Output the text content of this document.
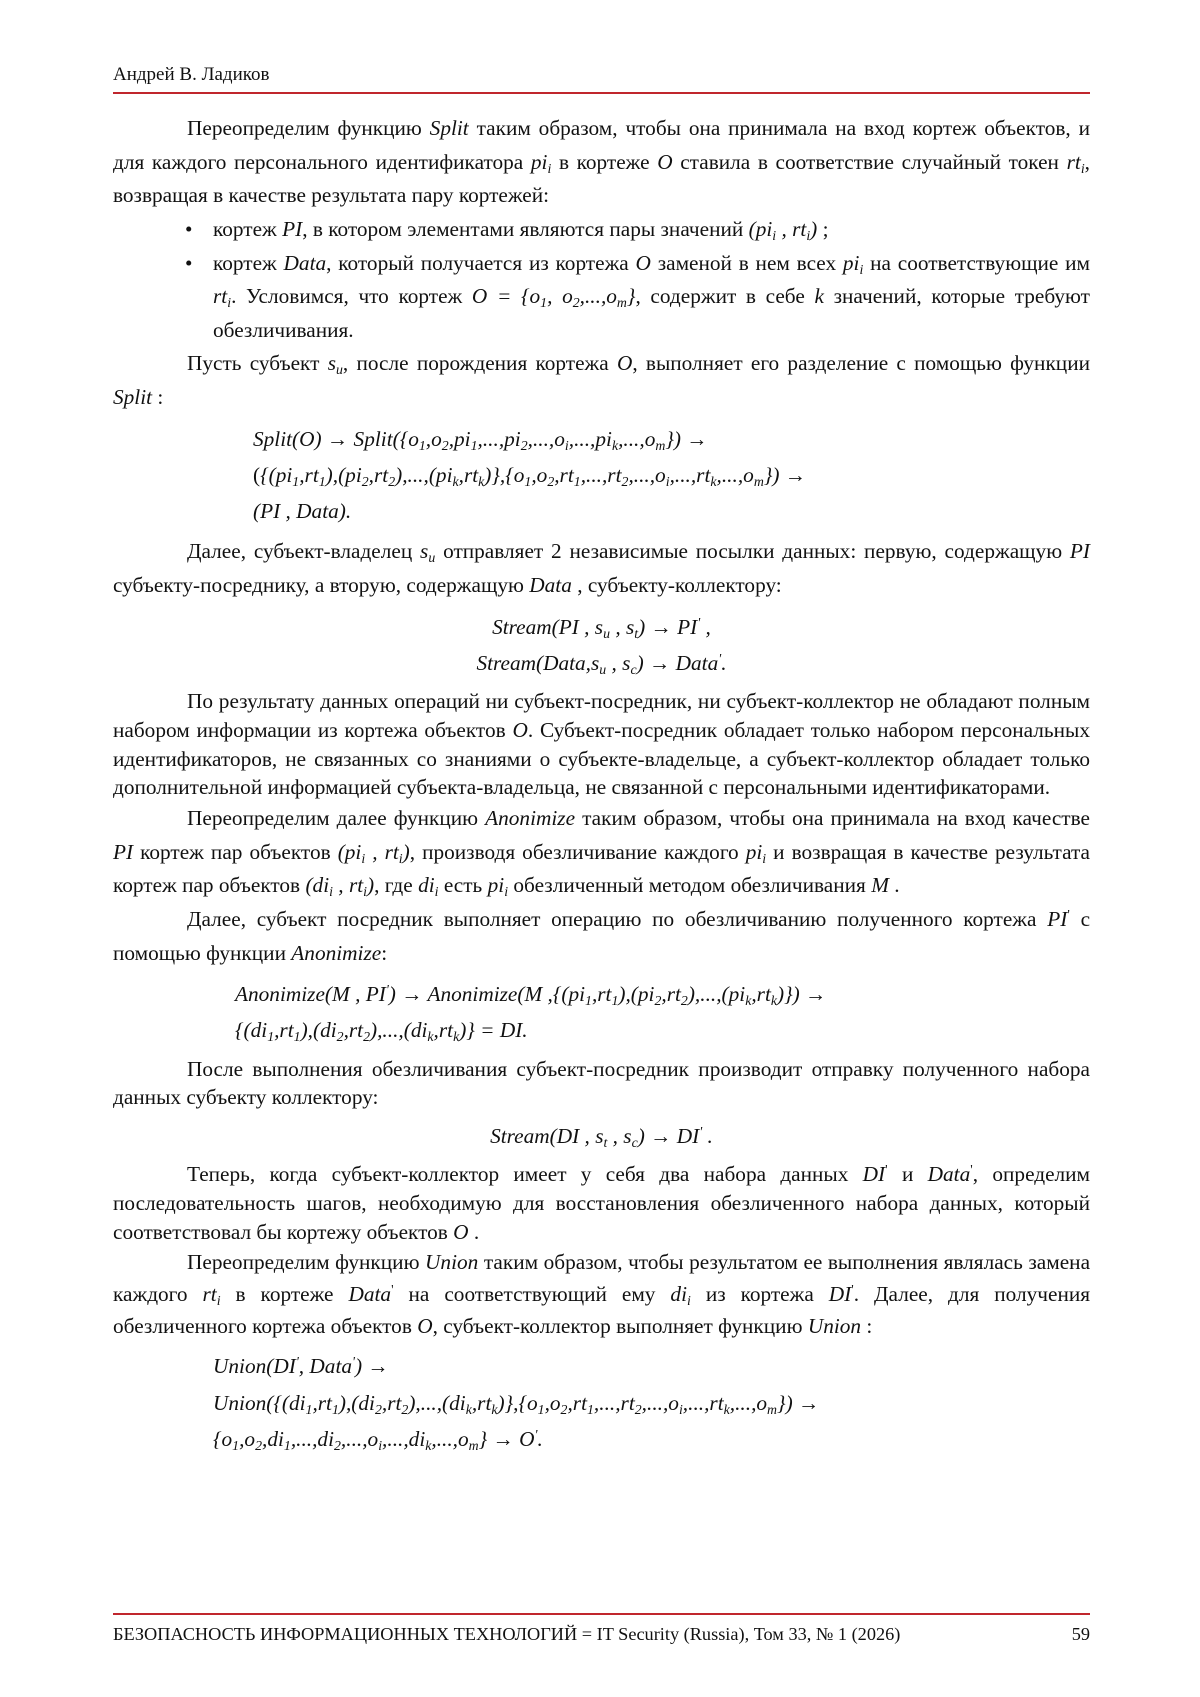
Андрей В. Ладиков

Переопределим функцию Split таким образом, чтобы она принимала на вход кортеж объектов, и для каждого персонального идентификатора $pi_i$ в кортеже O ставила в соответствие случайный токен $rt_i$, возвращая в качестве результата пару кортежей:

• кортеж PI, в котором элементами являются пары значений ($pi_i$ , $rt_i$) ;
• кортеж Data, который получается из кортежа O заменой в нем всех $pi_i$ на соответствующие им $rt_i$. Условимся, что кортеж $O = \{o_1$, $o_2,...,o_m$}, содержит в себе k значений, которые требуют обезличивания.

Пусть субъект $s_u$, после порождения кортежа O, выполняет его разделение с помощью функции Split :

Split(O) → $Split(\{o_1,o_2,pi_1,...,pi_2,...,o_i,...,pi_k,...,o_m\})$ →
$(\{(pi_1,rt_1),(pi_2,rt_2),...,(pi_k,rt_k)\},\{o_1,o_2,rt_1,...,rt_2,...,o_i,...,rt_k,...,o_m\})$ →
(PI , Data).

Далее, субъект-владелец $s_u$ отправляет 2 независимые посылки данных: первую, содержащую PI субъекту-посреднику, а вторую, содержащую Data , субъекту-коллектору:

Stream(PI , $s_u$ , $s_t) \to PI'$ ,
$Stream(Data,s_u$ , $s_c$) → Data'.

По результату данных операций ни субъект-посредник, ни субъект-коллектор не обладают полным набором информации из кортежа объектов O. Субъект-посредник обладает только набором персональных идентификаторов, не связанных со знаниями о субъекте-владельце, а субъект-коллектор обладает только дополнительной информацией субъекта-владельца, не связанной с персональными идентификаторами.

Переопределим далее функцию Anonimize таким образом, чтобы она принимала на вход качестве PI кортеж пар объектов ($pi_i$ , $rt_i$), производя обезличивание каждого $pi_i$ и возвращая в качестве результата кортеж пар объектов ($di_i$ , $rt_i$), где $di_i$ есть $pi_i$ обезличенный методом обезличивания M .

Далее, субъект посредник выполняет операцию по обезличиванию полученного кортежа PI' с помощью функции Anonimize:

Anonimize(M , PI') → Anonimize(M $,\{(pi_1,rt_1),(pi_2,rt_2),...,(pi_k,rt_k)\}$) →
$\{(di_1,rt_1),(di_2,rt_2),...,(di_k,rt_k)\}$ = DI.

После выполнения обезличивания субъект-посредник производит отправку полученного набора данных субъекту коллектору:

Stream(DI , $s_t$ , $s_c) \to DI'$ .

Теперь, когда субъект-коллектор имеет у себя два набора данных DI' и Data', определим последовательность шагов, необходимую для восстановления обезличенного набора данных, который соответствовал бы кортежу объектов O .

Переопределим функцию Union таким образом, чтобы результатом ее выполнения являлась замена каждого $rt_i$ в кортеже Data' на соответствующий ему $di_i$ из кортежа DI'. Далее, для получения обезличенного кортежа объектов O, субъект-коллектор выполняет функцию Union :

Union(DI', Data') →
$Union(\{(di_1,rt_1),(di_2,rt_2),...,(di_k,rt_k)\},\{o_1,o_2,rt_1,...,rt_2,...,o_i,...,rt_k,...,o_m\})$ →
$\{o_1,o_2,di_1,...,di_2,...,o_i,...,di_k,...,o_m\} \to O'$.
БЕЗОПАСНОСТЬ ИНФОРМАЦИОННЫХ ТЕХНОЛОГИЙ = IT Security (Russia), Том 33, № 1 (2026)	59
